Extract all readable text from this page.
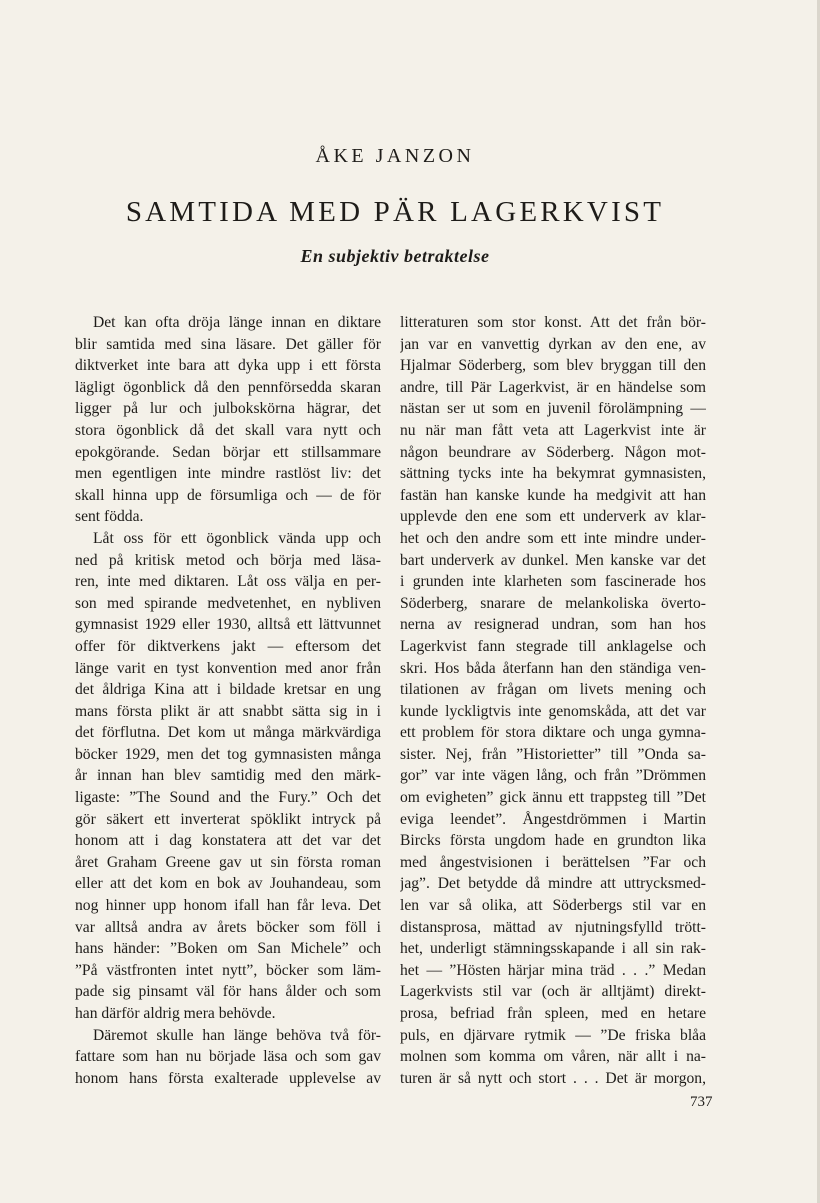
ÅKE JANZON
SAMTIDA MED PÄR LAGERKVIST
En subjektiv betraktelse
Det kan ofta dröja länge innan en diktare
blir samtida med sina läsare. Det gäller för
diktverket inte bara att dyka upp i ett första
lägligt ögonblick då den pennförsedda skaran
ligger på lur och julbokskörna hägrar, det
stora ögonblick då det skall vara nytt och
epokgörande. Sedan börjar ett stillsammare
men egentligen inte mindre rastlöst liv: det
skall hinna upp de försumliga och — de för
sent födda.
Låt oss för ett ögonblick vända upp och
ned på kritisk metod och börja med läsa-
ren, inte med diktaren. Låt oss välja en per-
son med spirande medvetenhet, en nybliven
gymnasist 1929 eller 1930, alltså ett lättvunnet
offer för diktverkens jakt — eftersom det
länge varit en tyst konvention med anor från
det åldriga Kina att i bildade kretsar en ung
mans första plikt är att snabbt sätta sig in i
det förflutna. Det kom ut många märkvärdiga
böcker 1929, men det tog gymnasisten många
år innan han blev samtidig med den märk-
ligaste: ”The Sound and the Fury.” Och det
gör säkert ett inverterat spöklikt intryck på
honom att i dag konstatera att det var det
året Graham Greene gav ut sin första roman
eller att det kom en bok av Jouhandeau, som
nog hinner upp honom ifall han får leva. Det
var alltså andra av årets böcker som föll i
hans händer: ”Boken om San Michele” och
”På västfronten intet nytt”, böcker som läm-
pade sig pinsamt väl för hans ålder och som
han därför aldrig mera behövde.
Däremot skulle han länge behöva två för-
fattare som han nu började läsa och som gav
honom hans första exalterade upplevelse av
litteraturen som stor konst. Att det från bör-
jan var en vanvettig dyrkan av den ene, av
Hjalmar Söderberg, som blev bryggan till den
andre, till Pär Lagerkvist, är en händelse som
nästan ser ut som en juvenil förolämpning —
nu när man fått veta att Lagerkvist inte är
någon beundrare av Söderberg. Någon mot-
sättning tycks inte ha bekymrat gymnasisten,
fastän han kanske kunde ha medgivit att han
upplevde den ene som ett underverk av klar-
het och den andre som ett inte mindre under-
bart underverk av dunkel. Men kanske var det
i grunden inte klarheten som fascinerade hos
Söderberg, snarare de melankoliska överto-
nerna av resignerad undran, som han hos
Lagerkvist fann stegrade till anklagelse och
skri. Hos båda återfann han den ständiga ven-
tilationen av frågan om livets mening och
kunde lyckligtvis inte genomskåda, att det var
ett problem för stora diktare och unga gymna-
sister. Nej, från ”Historietter” till ”Onda sa-
gor” var inte vägen lång, och från ”Drömmen
om evigheten” gick ännu ett trappsteg till ”Det
eviga leendet”. Ångestdrömmen i Martin
Bircks första ungdom hade en grundton lika
med ångestvisionen i berättelsen ”Far och
jag”. Det betydde då mindre att uttrycksmed-
len var så olika, att Söderbergs stil var en
distansprosa, mättad av njutningsfylld trött-
het, underligt stämningsskapande i all sin rak-
het — ”Hösten härjar mina träd . . .” Medan
Lagerkvists stil var (och är alltjämt) direkt-
prosa, befriad från spleen, med en hetare
puls, en djärvare rytmik — ”De friska blåa
molnen som komma om våren, när allt i na-
turen är så nytt och stort . . . Det är morgon,
737
